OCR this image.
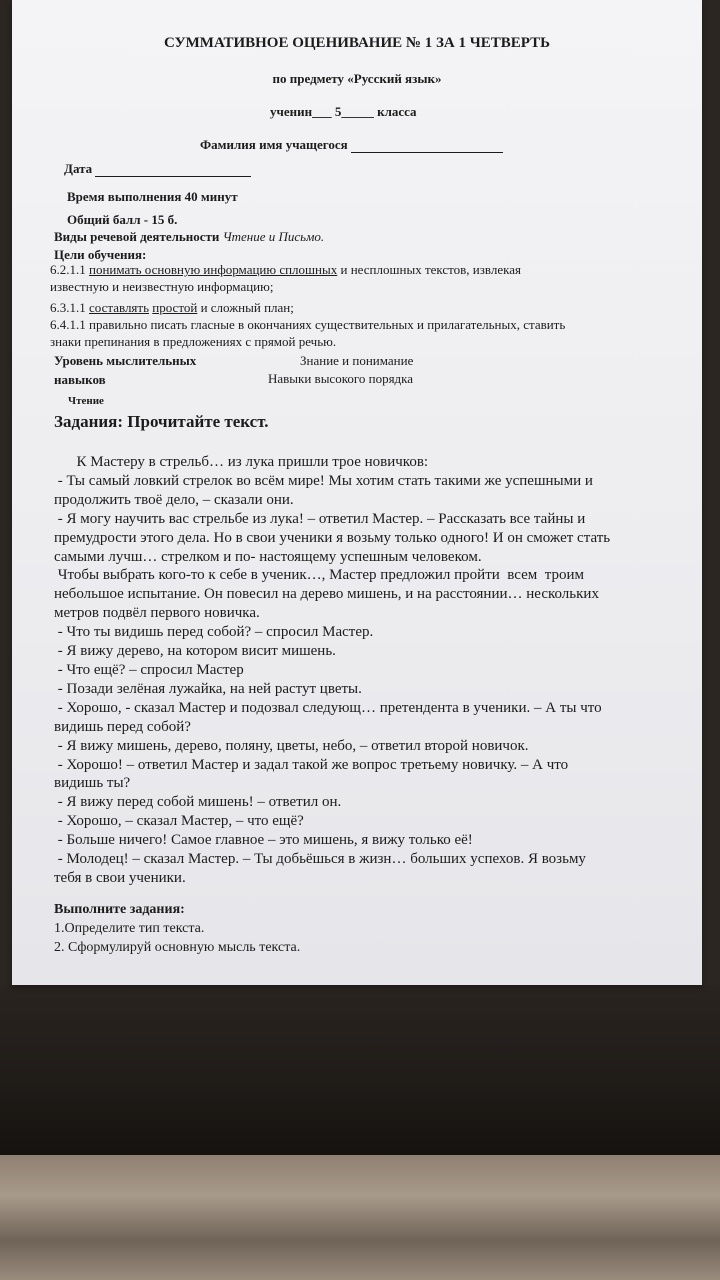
СУММАТИВНОЕ ОЦЕНИВАНИЕ № 1 ЗА 1 ЧЕТВЕРТЬ
по предмету «Русский язык»
ученин___ 5_____ класса
Фамилия имя учащегося
Дата
Время выполнения 40 минут
Общий балл - 15 б.
Виды речевой деятельности Чтение и Письмо.
Цели обучения:
6.2.1.1 понимать основную информацию сплошных и несплошных текстов, извлекая
известную и неизвестную информацию;
6.3.1.1 составлять простой и сложный план;
6.4.1.1 правильно писать гласные в окончаниях существительных и прилагательных, ставить
знаки препинания в предложениях с прямой речью.
Уровень мыслительных
навыков
Знание и понимание
Навыки высокого порядка
Чтение
Задания: Прочитайте текст.
К Мастеру в стрельб… из лука пришли трое новичков:
- Ты самый ловкий стрелок во всём мире! Мы хотим стать такими же успешными и
продолжить твоё дело, – сказали они.
- Я могу научить вас стрельбе из лука! – ответил Мастер. – Рассказать все тайны и
премудрости этого дела. Но в свои ученики я возьму только одного! И он сможет стать
самыми лучш… стрелком и по- настоящему успешным человеком.
Чтобы выбрать кого-то к себе в ученик…, Мастер предложил пройти  всем  троим
небольшое испытание. Он повесил на дерево мишень, и на расстоянии… нескольких
метров подвёл первого новичка.
- Что ты видишь перед собой? – спросил Мастер.
- Я вижу дерево, на котором висит мишень.
- Что ещё? – спросил Мастер
- Позади зелёная лужайка, на ней растут цветы.
- Хорошо, - сказал Мастер и подозвал следующ… претендента в ученики. – А ты что
видишь перед собой?
- Я вижу мишень, дерево, поляну, цветы, небо, – ответил второй новичок.
- Хорошо! – ответил Мастер и задал такой же вопрос третьему новичку. – А что
видишь ты?
- Я вижу перед собой мишень! – ответил он.
- Хорошо, – сказал Мастер, – что ещё?
- Больше ничего! Самое главное – это мишень, я вижу только её!
- Молодец! – сказал Мастер. – Ты добьёшься в жизн… больших успехов. Я возьму
тебя в свои ученики.
Выполните задания:
1.Определите тип текста.
2. Сформулируй основную мысль текста.
